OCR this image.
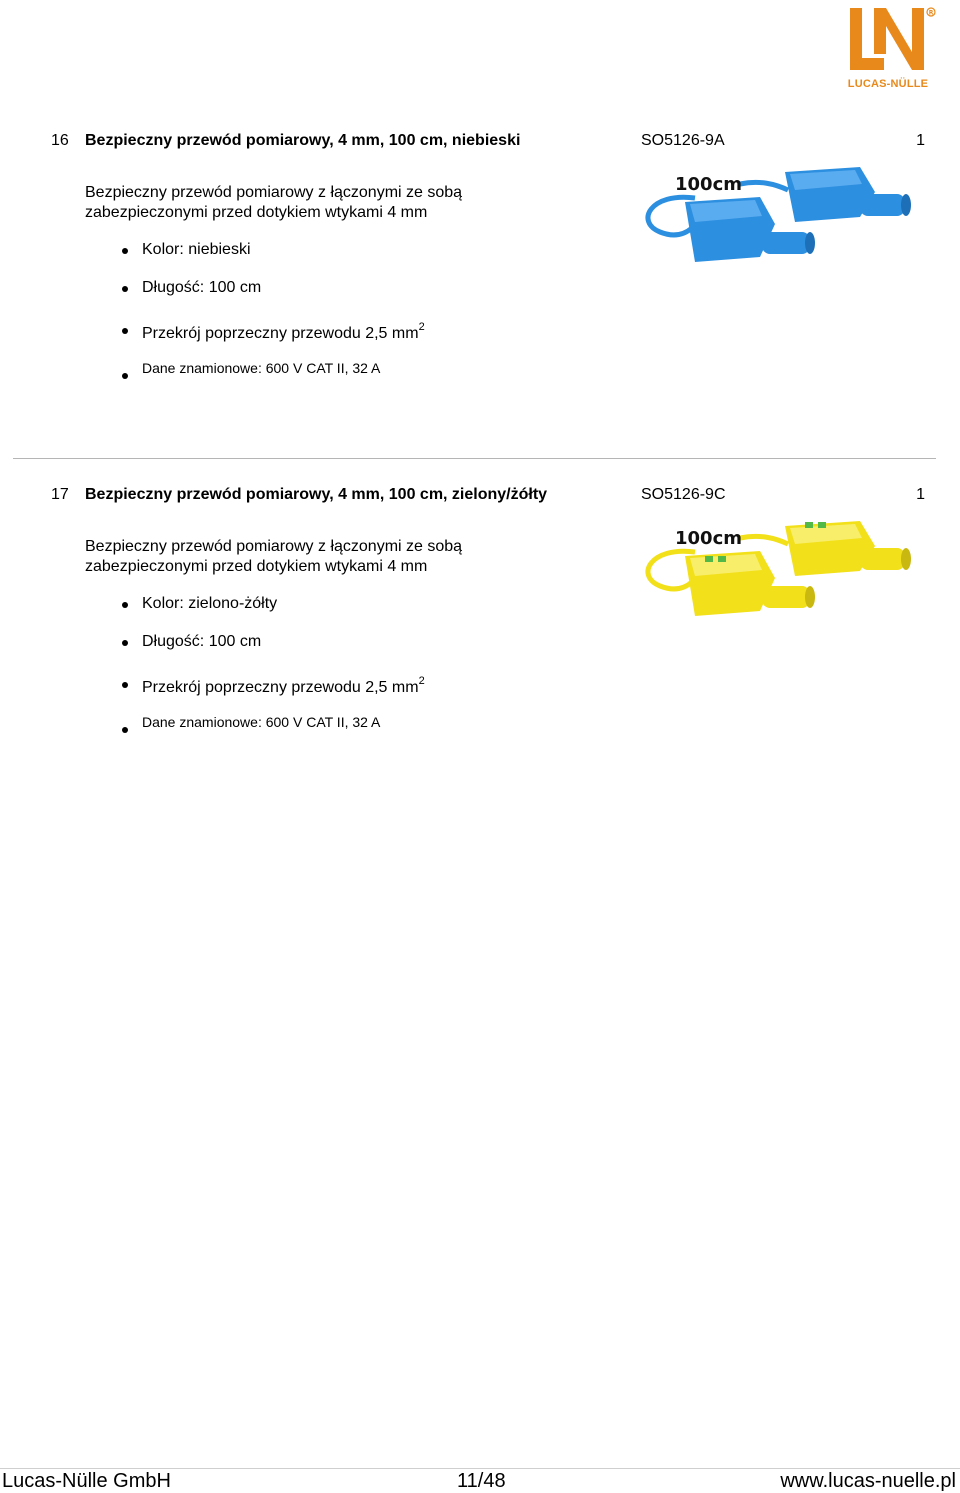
R
LUCAS-NÜLLE
16 Bezpieczny przewód pomiarowy, 4 mm, 100 cm, niebieski	SO5126-9A	1
Bezpieczny przewód pomiarowy z łączonymi ze sobą zabezpieczonymi przed dotykiem wtykami 4 mm
Kolor: niebieski
Długość: 100 cm
Przekrój poprzeczny przewodu 2,5 $mm^2$
Dane znamionowe: 600 V CAT II, 32 A
100cm
17 Bezpieczny przewód pomiarowy, 4 mm, 100 cm, zielony/żółty	SO5126-9C	1
Bezpieczny przewód pomiarowy z łączonymi ze sobą zabezpieczonymi przed dotykiem wtykami 4 mm
Kolor: zielono-żółty
Długość: 100 cm
Przekrój poprzeczny przewodu 2,5 $mm^2$
Dane znamionowe: 600 V CAT II, 32 A
100cm
Lucas-Nülle GmbH	11/48	www.lucas-nuelle.pl
